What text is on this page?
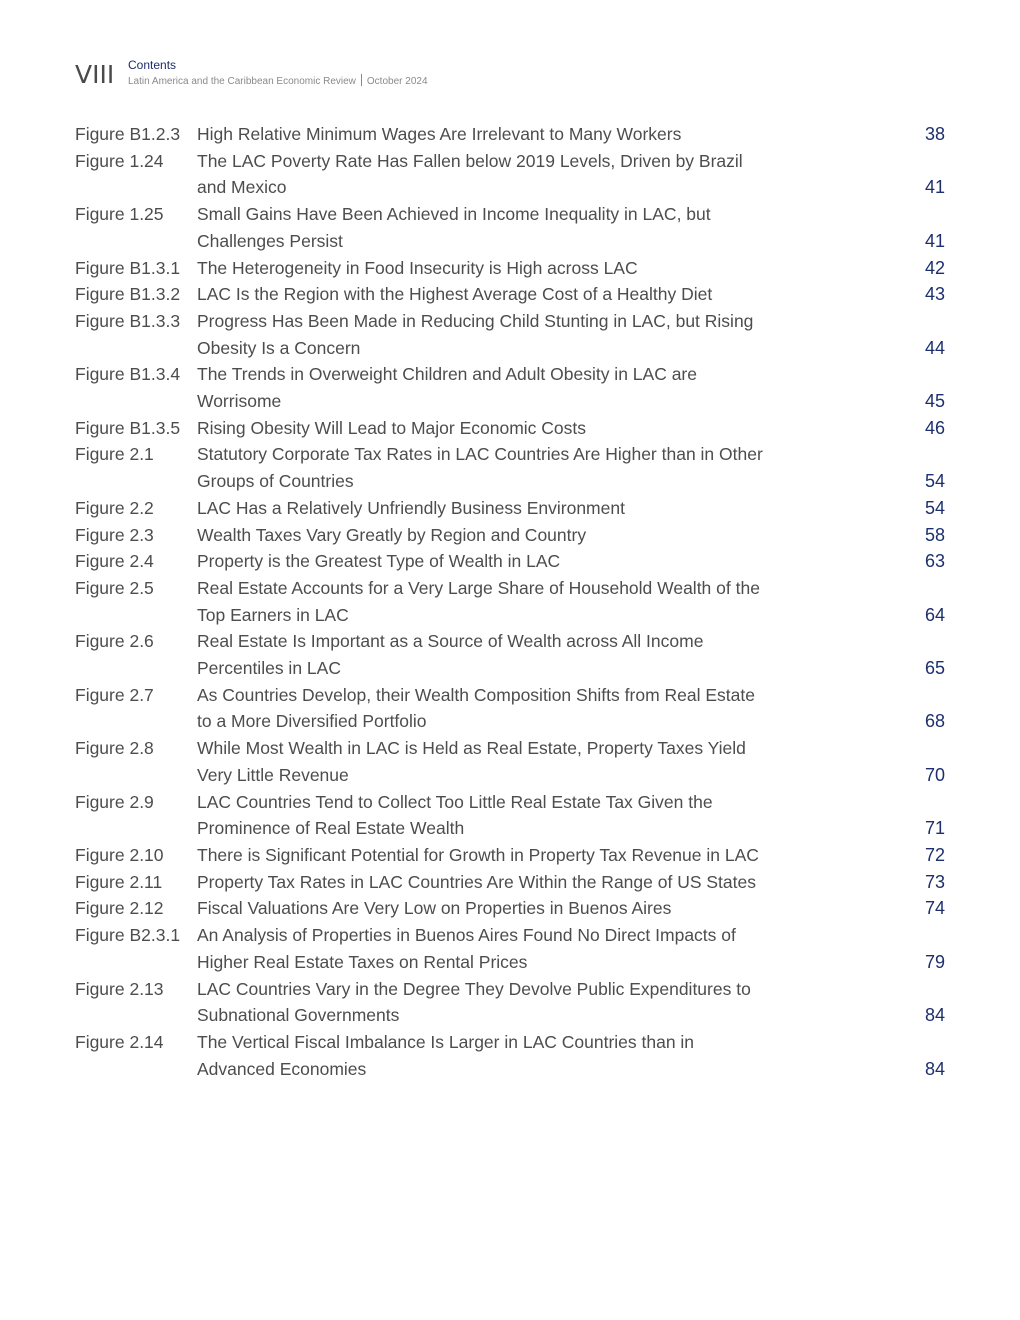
VIII Contents
Latin America and the Caribbean Economic Review October 2024
Figure B1.2.3 High Relative Minimum Wages Are Irrelevant to Many Workers	38
Figure 1.24 The LAC Poverty Rate Has Fallen below 2019 Levels, Driven by Brazil and Mexico	41
Figure 1.25 Small Gains Have Been Achieved in Income Inequality in LAC, but Challenges Persist	41
Figure B1.3.1 The Heterogeneity in Food Insecurity is High across LAC	42
Figure B1.3.2 LAC Is the Region with the Highest Average Cost of a Healthy Diet	43
Figure B1.3.3 Progress Has Been Made in Reducing Child Stunting in LAC, but Rising Obesity Is a Concern	44
Figure B1.3.4 The Trends in Overweight Children and Adult Obesity in LAC are Worrisome	45
Figure B1.3.5 Rising Obesity Will Lead to Major Economic Costs	46
Figure 2.1 Statutory Corporate Tax Rates in LAC Countries Are Higher than in Other Groups of Countries	54
Figure 2.2 LAC Has a Relatively Unfriendly Business Environment	54
Figure 2.3 Wealth Taxes Vary Greatly by Region and Country	58
Figure 2.4 Property is the Greatest Type of Wealth in LAC	63
Figure 2.5 Real Estate Accounts for a Very Large Share of Household Wealth of the Top Earners in LAC	64
Figure 2.6 Real Estate Is Important as a Source of Wealth across All Income Percentiles in LAC	65
Figure 2.7 As Countries Develop, their Wealth Composition Shifts from Real Estate to a More Diversified Portfolio	68
Figure 2.8 While Most Wealth in LAC is Held as Real Estate, Property Taxes Yield Very Little Revenue	70
Figure 2.9 LAC Countries Tend to Collect Too Little Real Estate Tax Given the Prominence of Real Estate Wealth	71
Figure 2.10 There is Significant Potential for Growth in Property Tax Revenue in LAC	72
Figure 2.11 Property Tax Rates in LAC Countries Are Within the Range of US States	73
Figure 2.12 Fiscal Valuations Are Very Low on Properties in Buenos Aires	74
Figure B2.3.1 An Analysis of Properties in Buenos Aires Found No Direct Impacts of Higher Real Estate Taxes on Rental Prices	79
Figure 2.13 LAC Countries Vary in the Degree They Devolve Public Expenditures to Subnational Governments	84
Figure 2.14 The Vertical Fiscal Imbalance Is Larger in LAC Countries than in Advanced Economies	84
